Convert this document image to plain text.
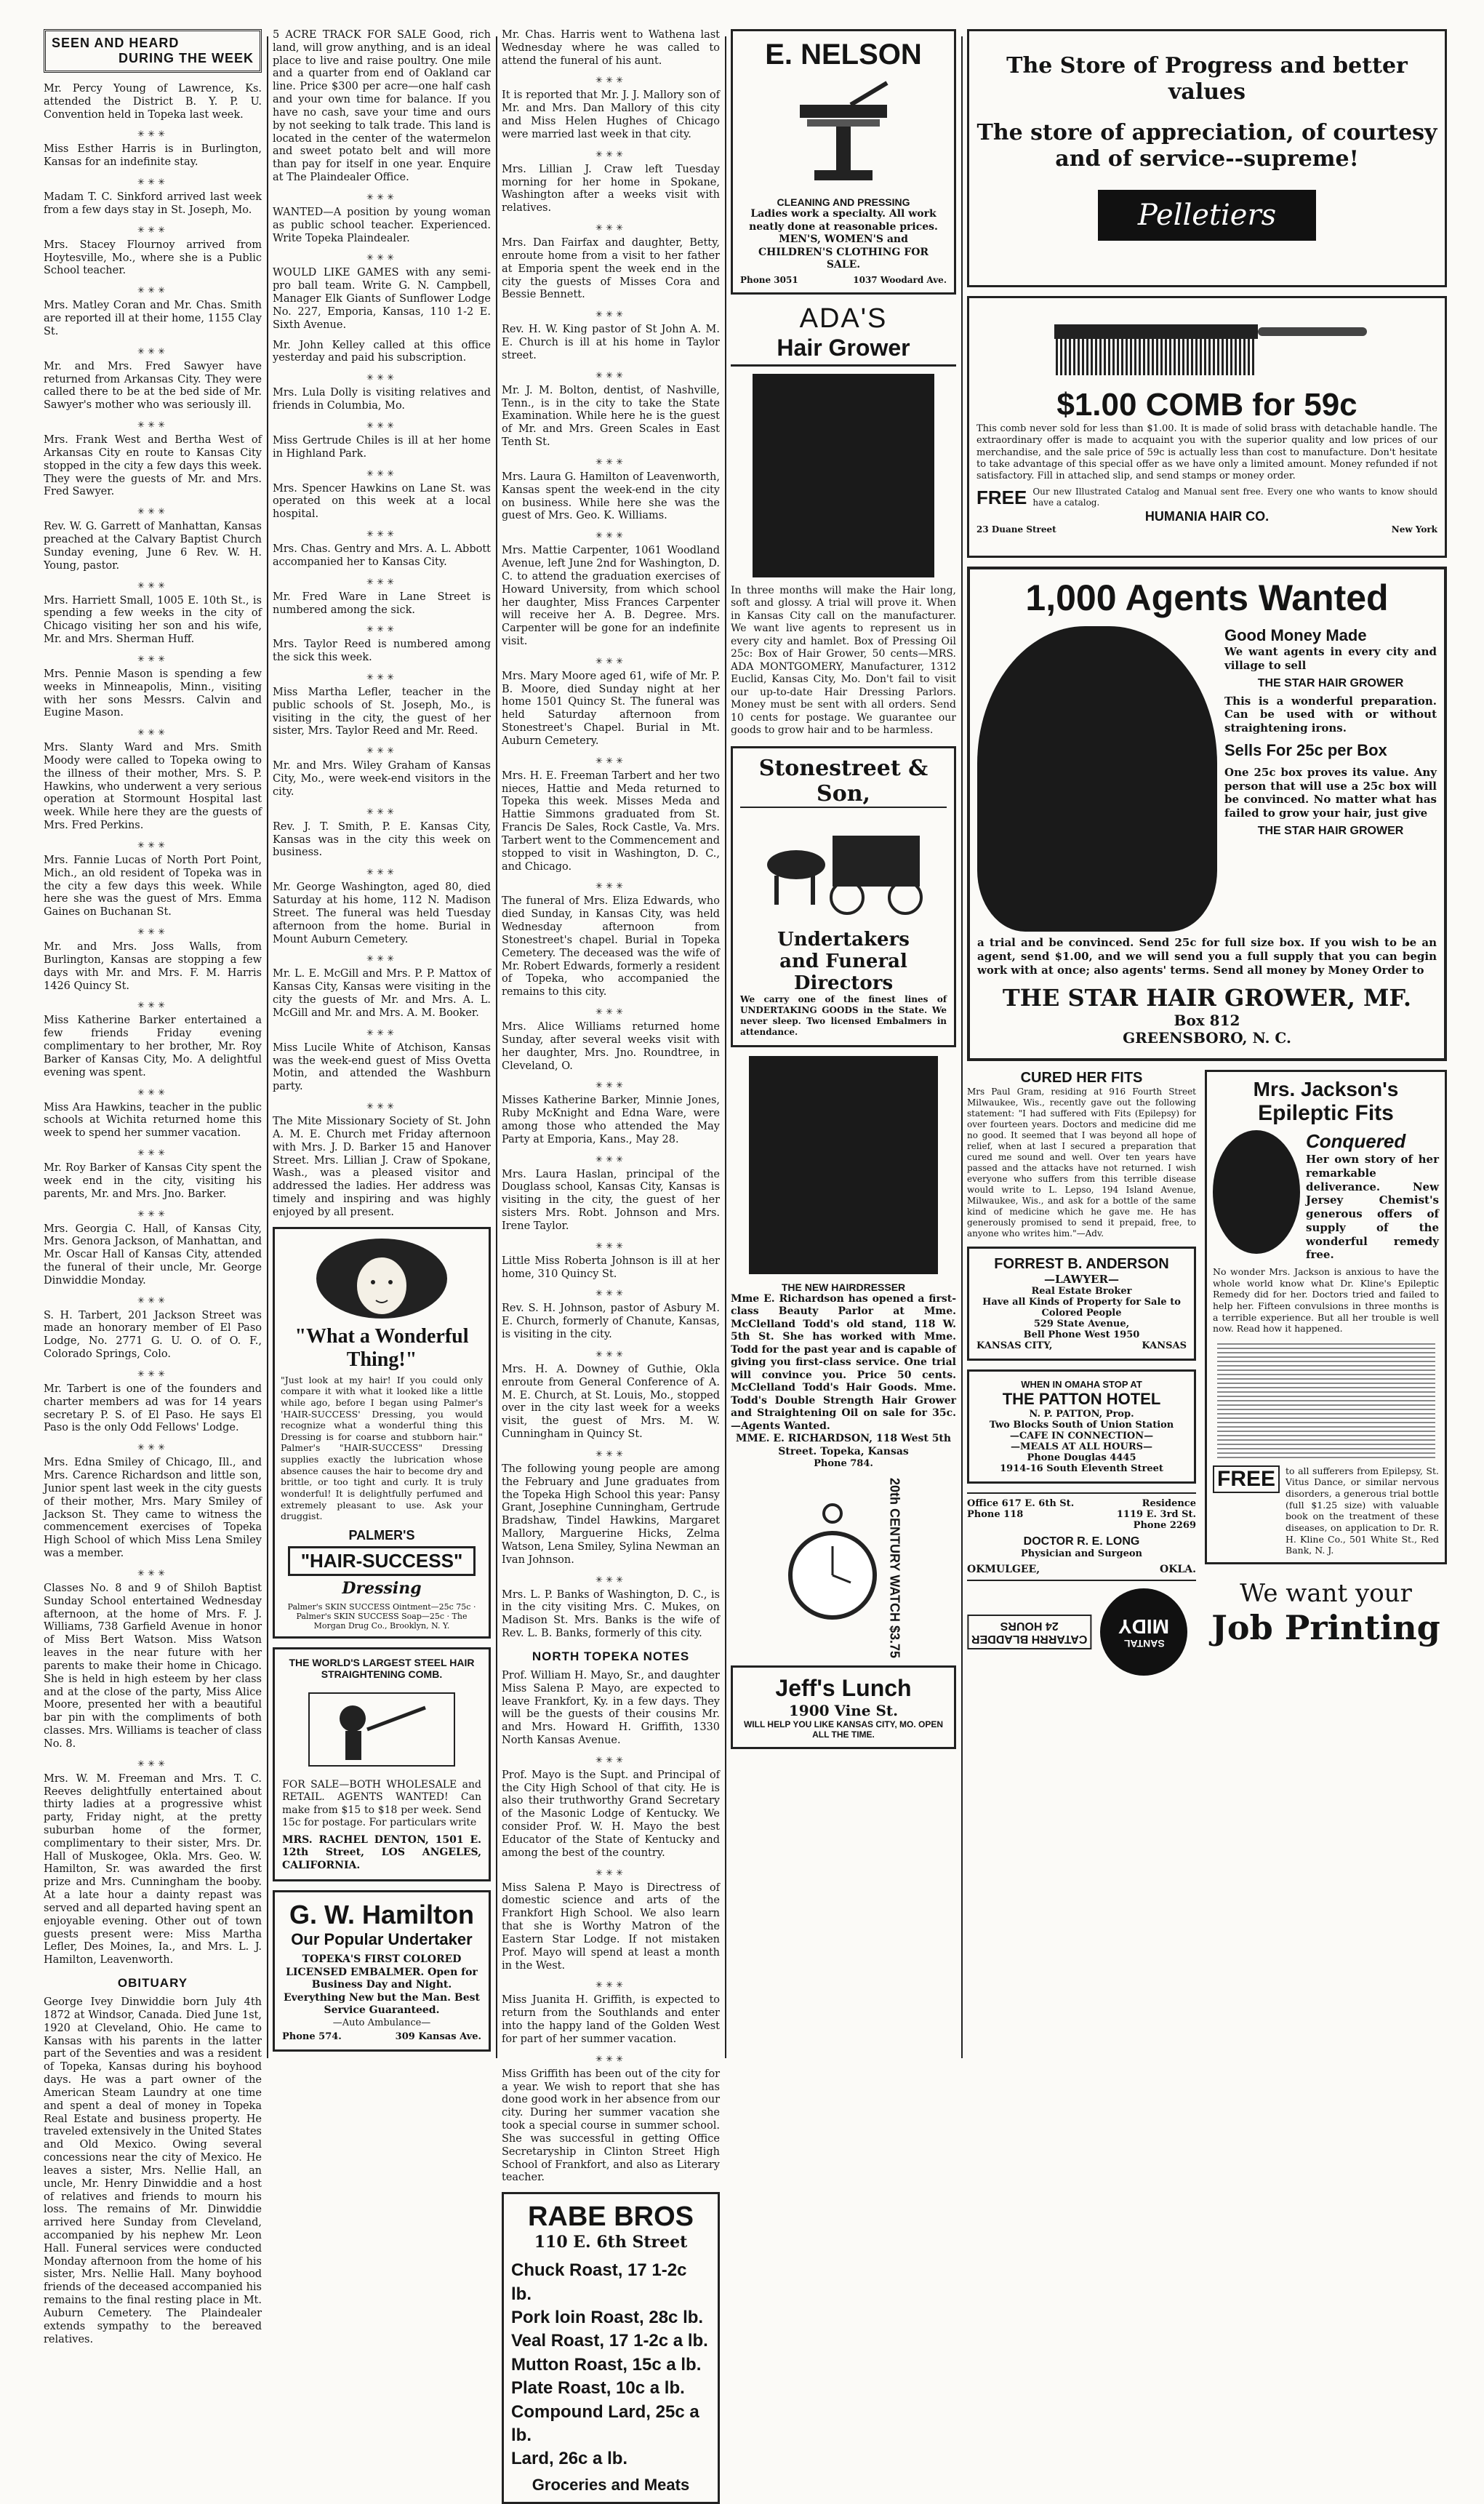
SEEN AND HEARD
DURING THE WEEK

Mr. Percy Young of Lawrence, Ks. attended the District B. Y. P. U. Convention held in Topeka last week.

✳✳✳

Miss Esther Harris is in Burlington, Kansas for an indefinite stay.

✳✳✳

Madam T. C. Sinkford arrived last week from a few days stay in St. Joseph, Mo.

✳✳✳

Mrs. Stacey Flournoy arrived from Hoytesville, Mo., where she is a Public School teacher.

✳✳✳

Mrs. Matley Coran and Mr. Chas. Smith are reported ill at their home, 1155 Clay St.

✳✳✳

Mr. and Mrs. Fred Sawyer have returned from Arkansas City. They were called there to be at the bed side of Mr. Sawyer's mother who was seriously ill.

✳✳✳

Mrs. Frank West and Bertha West of Arkansas City en route to Kansas City stopped in the city a few days this week. They were the guests of Mr. and Mrs. Fred Sawyer.

✳✳✳

Rev. W. G. Garrett of Manhattan, Kansas preached at the Calvary Baptist Church Sunday evening, June 6 Rev. W. H. Young, pastor.

✳✳✳

Mrs. Harriett Small, 1005 E. 10th St., is spending a few weeks in the city of Chicago visiting her son and his wife, Mr. and Mrs. Sherman Huff.

✳✳✳

Mrs. Pennie Mason is spending a few weeks in Minneapolis, Minn., visiting with her sons Messrs. Calvin and Eugine Mason.

✳✳✳

Mrs. Slanty Ward and Mrs. Smith Moody were called to Topeka owing to the illness of their mother, Mrs. S. P. Hawkins, who underwent a very serious operation at Stormount Hospital last week. While here they are the guests of Mrs. Fred Perkins.

✳✳✳

Mrs. Fannie Lucas of North Port Point, Mich., an old resident of Topeka was in the city a few days this week. While here she was the guest of Mrs. Emma Gaines on Buchanan St.

✳✳✳

Mr. and Mrs. Joss Walls, from Burlington, Kansas are stopping a few days with Mr. and Mrs. F. M. Harris 1426 Quincy St.

✳✳✳

Miss Katherine Barker entertained a few friends Friday evening complimentary to her brother, Mr. Roy Barker of Kansas City, Mo. A delightful evening was spent.

✳✳✳

Miss Ara Hawkins, teacher in the public schools at Wichita returned home this week to spend her summer vacation.

✳✳✳

Mr. Roy Barker of Kansas City spent the week end in the city, visiting his parents, Mr. and Mrs. Jno. Barker.

✳✳✳

Mrs. Georgia C. Hall, of Kansas City, Mrs. Genora Jackson, of Manhattan, and Mr. Oscar Hall of Kansas City, attended the funeral of their uncle, Mr. George Dinwiddie Monday.

✳✳✳

S. H. Tarbert, 201 Jackson Street was made an honorary member of El Paso Lodge, No. 2771 G. U. O. of O. F., Colorado Springs, Colo.

✳✳✳

Mr. Tarbert is one of the founders and charter members ad was for 14 years secretary P. S. of El Paso. He says El Paso is the only Odd Fellows' Lodge.

✳✳✳

Mrs. Edna Smiley of Chicago, Ill., and Mrs. Carence Richardson and little son, Junior spent last week in the city guests of their mother, Mrs. Mary Smiley of Jackson St. They came to witness the commencement exercises of Topeka High School of which Miss Lena Smiley was a member.

✳✳✳

Classes No. 8 and 9 of Shiloh Baptist Sunday School entertained Wednesday afternoon, at the home of Mrs. F. J. Williams, 738 Garfield Avenue in honor of Miss Bert Watson. Miss Watson leaves in the near future with her parents to make their home in Chicago. She is held in high esteem by her class and at the close of the party, Miss Alice Moore, presented her with a beautiful bar pin with the compliments of both classes. Mrs. Williams is teacher of class No. 8.

✳✳✳

Mrs. W. M. Freeman and Mrs. T. C. Reeves delightfully entertained about thirty ladies at a progressive whist party, Friday night, at the pretty suburban home of the former, complimentary to their sister, Mrs. Dr. Hall of Muskogee, Okla. Mrs. Geo. W. Hamilton, Sr. was awarded the first prize and Mrs. Cunningham the booby. At a late hour a dainty repast was served and all departed having spent an enjoyable evening. Other out of town guests present were: Miss Martha Lefler, Des Moines, Ia., and Mrs. L. J. Hamilton, Leavenworth.

OBITUARY

George Ivey Dinwiddie born July 4th 1872 at Windsor, Canada. Died June 1st, 1920 at Cleveland, Ohio. He came to Kansas with his parents in the latter part of the Seventies and was a resident of Topeka, Kansas during his boyhood days. He was a part owner of the American Steam Laundry at one time and spent a deal of money in Topeka Real Estate and business property. He traveled extensively in the United States and Old Mexico. Owing several concessions near the city of Mexico. He leaves a sister, Mrs. Nellie Hall, an uncle, Mr. Henry Dinwiddie and a host of relatives and friends to mourn his loss. The remains of Mr. Dinwiddie arrived here Sunday from Cleveland, accompanied by his nephew Mr. Leon Hall. Funeral services were conducted Monday afternoon from the home of his sister, Mrs. Nellie Hall. Many boyhood friends of the deceased accompanied his remains to the final resting place in Mt. Auburn Cemetery. The Plaindealer extends sympathy to the bereaved relatives.

5 ACRE TRACK FOR SALE Good, rich land, will grow anything, and is an ideal place to live and raise poultry. One mile and a quarter from end of Oakland car line. Price $300 per acre—one half cash and your own time for balance. If you have no cash, save your time and ours by not seeking to talk trade. This land is located in the center of the watermelon and sweet potato belt and will more than pay for itself in one year. Enquire at The Plaindealer Office.

✳✳✳

WANTED—A position by young woman as public school teacher. Experienced. Write Topeka Plaindealer.

✳✳✳

WOULD LIKE GAMES with any semi-pro ball team. Write G. N. Campbell, Manager Elk Giants of Sunflower Lodge No. 227, Emporia, Kansas, 110 1-2 E. Sixth Avenue.

Mr. John Kelley called at this office yesterday and paid his subscription.

✳✳✳

Mrs. Lula Dolly is visiting relatives and friends in Columbia, Mo.

✳✳✳

Miss Gertrude Chiles is ill at her home in Highland Park.

✳✳✳

Mrs. Spencer Hawkins on Lane St. was operated on this week at a local hospital.

✳✳✳

Mrs. Chas. Gentry and Mrs. A. L. Abbott accompanied her to Kansas City.

✳✳✳

Mr. Fred Ware in Lane Street is numbered among the sick.

✳✳✳

Mrs. Taylor Reed is numbered among the sick this week.

✳✳✳

Miss Martha Lefler, teacher in the public schools of St. Joseph, Mo., is visiting in the city, the guest of her sister, Mrs. Taylor Reed and Mr. Reed.

✳✳✳

Mr. and Mrs. Wiley Graham of Kansas City, Mo., were week-end visitors in the city.

✳✳✳

Rev. J. T. Smith, P. E. Kansas City, Kansas was in the city this week on business.

✳✳✳

Mr. George Washington, aged 80, died Saturday at his home, 112 N. Madison Street. The funeral was held Tuesday afternoon from the home. Burial in Mount Auburn Cemetery.

✳✳✳

Mr. L. E. McGill and Mrs. P. P. Mattox of Kansas City, Kansas were visiting in the city the guests of Mr. and Mrs. A. L. McGill and Mr. and Mrs. A. M. Booker.

✳✳✳

Miss Lucile White of Atchison, Kansas was the week-end guest of Miss Ovetta Motin, and attended the Washburn party.

✳✳✳

The Mite Missionary Society of St. John A. M. E. Church met Friday afternoon with Mrs. J. D. Barker 15 and Hanover Street. Mrs. Lillian J. Craw of Spokane, Wash., was a pleased visitor and addressed the ladies. Her address was timely and inspiring and was highly enjoyed by all present.

"What a Wonderful Thing!"
"Just look at my hair! If you could only compare it with what it looked like a little while ago, before I began using Palmer's 'HAIR-SUCCESS' Dressing, you would recognize what a wonderful thing this Dressing is for coarse and stubborn hair." Palmer's "HAIR-SUCCESS" Dressing supplies exactly the lubrication whose absence causes the hair to become dry and brittle, or too tight and curly. It is truly wonderful! It is delightfully perfumed and extremely pleasant to use. Ask your druggist.
PALMER'S
"HAIR-SUCCESS"
Dressing
Palmer's SKIN SUCCESS Ointment—25c 75c · Palmer's SKIN SUCCESS Soap—25c · The Morgan Drug Co., Brooklyn, N. Y.
THE WORLD'S LARGEST STEEL HAIR STRAIGHTENING COMB.
FOR SALE—BOTH WHOLESALE and RETAIL. AGENTS WANTED! Can make from $15 to $18 per week. Send 15c for postage. For particulars write
MRS. RACHEL DENTON, 1501 E. 12th Street, LOS ANGELES, CALIFORNIA.
G. W. Hamilton
Our Popular Undertaker
TOPEKA'S FIRST COLORED LICENSED EMBALMER. Open for Business Day and Night. Everything New but the Man. Best Service Guaranteed.
—Auto Ambulance—
Phone 574.	309 Kansas Ave.

Mr. Chas. Harris went to Wathena last Wednesday where he was called to attend the funeral of his aunt.

✳✳✳

It is reported that Mr. J. J. Mallory son of Mr. and Mrs. Dan Mallory of this city and Miss Helen Hughes of Chicago were married last week in that city.

✳✳✳

Mrs. Lillian J. Craw left Tuesday morning for her home in Spokane, Washington after a weeks visit with relatives.

✳✳✳

Mrs. Dan Fairfax and daughter, Betty, enroute home from a visit to her father at Emporia spent the week end in the city the guests of Misses Cora and Bessie Bennett.

✳✳✳

Rev. H. W. King pastor of St John A. M. E. Church is ill at his home in Taylor street.

✳✳✳

Mr. J. M. Bolton, dentist, of Nashville, Tenn., is in the city to take the State Examination. While here he is the guest of Mr. and Mrs. Green Scales in East Tenth St.

✳✳✳

Mrs. Laura G. Hamilton of Leavenworth, Kansas spent the week-end in the city on business. While here she was the guest of Mrs. Geo. K. Williams.

✳✳✳

Mrs. Mattie Carpenter, 1061 Woodland Avenue, left June 2nd for Washington, D. C. to attend the graduation exercises of Howard University, from which school her daughter, Miss Frances Carpenter will receive her A. B. Degree. Mrs. Carpenter will be gone for an indefinite visit.

✳✳✳

Mrs. Mary Moore aged 61, wife of Mr. P. B. Moore, died Sunday night at her home 1501 Quincy St. The funeral was held Saturday afternoon from Stonestreet's Chapel. Burial in Mt. Auburn Cemetery.

✳✳✳

Mrs. H. E. Freeman Tarbert and her two nieces, Hattie and Meda returned to Topeka this week. Misses Meda and Hattie Simmons graduated from St. Francis De Sales, Rock Castle, Va. Mrs. Tarbert went to the Commencement and stopped to visit in Washington, D. C., and Chicago.

✳✳✳

The funeral of Mrs. Eliza Edwards, who died Sunday, in Kansas City, was held Wednesday afternoon from Stonestreet's chapel. Burial in Topeka Cemetery. The deceased was the wife of Mr. Robert Edwards, formerly a resident of Topeka, who accompanied the remains to this city.

✳✳✳

Mrs. Alice Williams returned home Sunday, after several weeks visit with her daughter, Mrs. Jno. Roundtree, in Cleveland, O.

✳✳✳

Misses Katherine Barker, Minnie Jones, Ruby McKnight and Edna Ware, were among those who attended the May Party at Emporia, Kans., May 28.

✳✳✳

Mrs. Laura Haslan, principal of the Douglass school, Kansas City, Kansas is visiting in the city, the guest of her sisters Mrs. Robt. Johnson and Mrs. Irene Taylor.

✳✳✳

Little Miss Roberta Johnson is ill at her home, 310 Quincy St.

✳✳✳

Rev. S. H. Johnson, pastor of Asbury M. E. Church, formerly of Chanute, Kansas, is visiting in the city.

✳✳✳

Mrs. H. A. Downey of Guthie, Okla enroute from General Conference of A. M. E. Church, at St. Louis, Mo., stopped over in the city last week for a weeks visit, the guest of Mrs. M. W. Cunningham in Quincy St.

✳✳✳

The following young people are among the February and June graduates from the Topeka High School this year: Pansy Grant, Josephine Cunningham, Gertrude Bradshaw, Tindel Hawkins, Margaret Mallory, Marguerine Hicks, Zelma Watson, Lena Smiley, Sylina Newman an Ivan Johnson.

✳✳✳

Mrs. L. P. Banks of Washington, D. C., is in the city visiting Mrs. C. Mukes, on Madison St. Mrs. Banks is the wife of Rev. L. B. Banks, formerly of this city.

NORTH TOPEKA NOTES

Prof. William H. Mayo, Sr., and daughter Miss Salena P. Mayo, are expected to leave Frankfort, Ky. in a few days. They will be the guests of their cousins Mr. and Mrs. Howard H. Griffith, 1330 North Kansas Avenue.

✳✳✳

Prof. Mayo is the Supt. and Principal of the City High School of that city. He is also their truthworthy Grand Secretary of the Masonic Lodge of Kentucky. We consider Prof. W. H. Mayo the best Educator of the State of Kentucky and among the best of the country.

✳✳✳

Miss Salena P. Mayo is Directress of domestic science and arts of the Frankfort High School. We also learn that she is Worthy Matron of the Eastern Star Lodge. If not mistaken Prof. Mayo will spend at least a month in the West.

✳✳✳

Miss Juanita H. Griffith, is expected to return from the Southlands and enter into the happy land of the Golden West for part of her summer vacation.

✳✳✳

Miss Griffith has been out of the city for a year. We wish to report that she has done good work in her absence from our city. During her summer vacation she took a special course in summer school. She was successful in getting Office Secretaryship in Clinton Street High School of Frankfort, and also as Literary teacher.

RABE BROS
110 E. 6th Street
Chuck Roast, 17 1-2c lb.
Pork loin Roast, 28c lb.
Veal Roast, 17 1-2c a lb.
Mutton Roast, 15c a lb.
Plate Roast, 10c a lb.
Compound Lard, 25c a lb.
Lard, 26c a lb.
Groceries and Meats
E. NELSON
CLEANING AND PRESSING
Ladies work a specialty. All work neatly done at reasonable prices. MEN'S, WOMEN'S and CHILDREN'S CLOTHING FOR SALE.
Phone 3051	1037 Woodard Ave.
ADA'S
Hair Grower
In three months will make the Hair long, soft and glossy. A trial will prove it. When in Kansas City call on the manufacturer. We want live agents to represent us in every city and hamlet. Box of Pressing Oil 25c: Box of Hair Grower, 50 cents—MRS. ADA MONTGOMERY, Manufacturer, 1312 Euclid, Kansas City, Mo. Don't fail to visit our up-to-date Hair Dressing Parlors. Money must be sent with all orders. Send 10 cents for postage. We guarantee our goods to grow hair and to be harmless.
Stonestreet & Son,
Undertakers
and Funeral Directors
We carry one of the finest lines of UNDERTAKING GOODS in the State. We never sleep. Two licensed Embalmers in attendance.
THE NEW HAIRDRESSER
Mme E. Richardson has opened a first-class Beauty Parlor at Mme. McClelland Todd's old stand, 118 W. 5th St. She has worked with Mme. Todd for the past year and is capable of giving you first-class service. One trial will convince you. Price 50 cents. McClelland Todd's Hair Goods. Mme. Todd's Double Strength Hair Grower and Straightening Oil on sale for 35c.—Agents Wanted.
MME. E. RICHARDSON, 118 West 5th Street. Topeka, Kansas
Phone 784.
20th CENTURY WATCH $3.75
Jeff's Lunch
1900 Vine St.
WILL HELP YOU LIKE KANSAS CITY, MO. OPEN ALL THE TIME.
The Store of Progress and better values
The store of appreciation, of courtesy and of service--supreme!
Pelletiers
$1.00 COMB for 59c
This comb never sold for less than $1.00. It is made of solid brass with detachable handle. The extraordinary offer is made to acquaint you with the superior quality and low prices of our merchandise, and the sale price of 59c is actually less than cost to manufacture. Don't hesitate to take advantage of this special offer as we have only a limited amount. Money refunded if not satisfactory. Fill in attached slip, and send stamps or money order.
FREE Our new Illustrated Catalog and Manual sent free. Every one who wants to know should have a catalog.
HUMANIA HAIR CO.
23 Duane Street	New York
1,000 Agents Wanted
Good Money Made
We want agents in every city and village to sell
THE STAR HAIR GROWER
This is a wonderful preparation. Can be used with or without straightening irons.
Sells For 25c per Box
One 25c box proves its value. Any person that will use a 25c box will be convinced. No matter what has failed to grow your hair, just give
THE STAR HAIR GROWER
a trial and be convinced. Send 25c for full size box. If you wish to be an agent, send $1.00, and we will send you a full supply that you can begin work with at once; also agents' terms. Send all money by Money Order to
THE STAR HAIR GROWER, MF.
Box 812
GREENSBORO, N. C.
CURED HER FITS
Mrs Paul Gram, residing at 916 Fourth Street Milwaukee, Wis., recently gave out the following statement: "I had suffered with Fits (Epilepsy) for over fourteen years. Doctors and medicine did me no good. It seemed that I was beyond all hope of relief, when at last I secured a preparation that cured me sound and well. Over ten years have passed and the attacks have not returned. I wish everyone who suffers from this terrible disease would write to L. Lepso, 194 Island Avenue, Milwaukee, Wis., and ask for a bottle of the same kind of medicine which he gave me. He has generously promised to send it prepaid, free, to anyone who writes him."—Adv.
FORREST B. ANDERSON
—LAWYER—
Real Estate Broker
Have all Kinds of Property for Sale to Colored People
529 State Avenue,
Bell Phone West 1950
KANSAS CITY,	KANSAS
WHEN IN OMAHA STOP AT
THE PATTON HOTEL
N. P. PATTON, Prop.
Two Blocks South of Union Station
—CAFE IN CONNECTION—
—MEALS AT ALL HOURS—
Phone Douglas 4445
1914-16 South Eleventh Street
Office 617 E. 6th St.	Residence
Phone 118	1119 E. 3rd St.
Phone 2269
DOCTOR R. E. LONG
Physician and Surgeon
OKMULGEE,	OKLA.
CATARRH BLADDER
24 HOURS	MIDY
SANTAL
Mrs. Jackson's
Epileptic Fits
Conquered
Her own story of her remarkable deliverance. New Jersey Chemist's generous offers of supply of the wonderful remedy free.
No wonder Mrs. Jackson is anxious to have the whole world know what Dr. Kline's Epileptic Remedy did for her. Doctors tried and failed to help her. Fifteen convulsions in three months is a terrible experience. But all her trouble is well now. Read how it happened.
FREE	to all sufferers from Epilepsy, St. Vitus Dance, or similar nervous disorders, a generous trial bottle (full $1.25 size) with valuable book on the treatment of these diseases, on application to Dr. R. H. Kline Co., 501 White St., Red Bank, N. J.
We want your
Job Printing
